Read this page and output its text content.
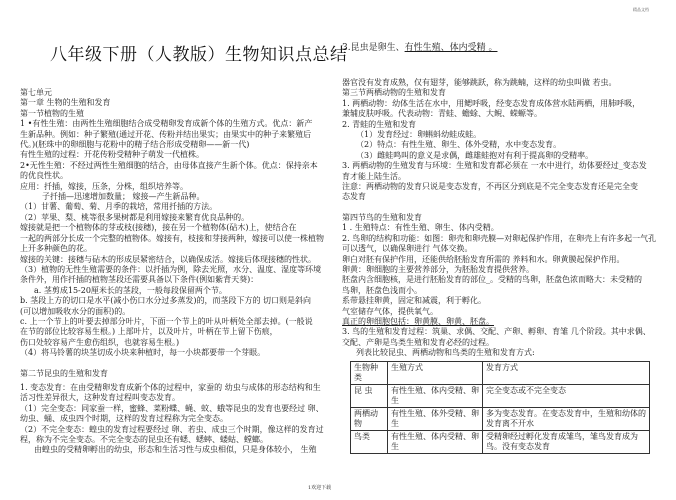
精品文档
八年级下册（人教版）生物知识点总结
3.昆虫是卵生、有性生殖、体内受精 。

第七单元

第一章 生物的生殖和发育

第一节植物的生殖

1 •有性生殖：由两性生殖细胞结合成受精卵发育成新个体的生殖方式。优点：新产

生新品种。例如：种子繁殖(通过开花、传粉并结出果实；由果实中的种子来繁殖后

代。)(胚珠中的卵细胞与花粉中的精子结合形成受精卵——新一代)

有性生殖的过程：开花传粉受精种子萌发一代植株。

2•无性生殖：不经过两性生殖细胞的结合，由母体直接产生新个体。优点：保持亲本

的优良性状。

应用：扦插，嫁接，压条，分株，组织培养等。

子扦插—迅速增加数量； 嫁接—产生新品种。

（1）甘薯、葡萄、菊、月季的栽培，常用扦插的方法。

（2）苹果、梨、桃等很多果树都是利用嫁接来繁育优良品种的。

嫁接就是把一个植物体的芽或枝(接穗)，接在另一个植物体(砧木)上，使结合在

一起的两部分长成一个完整的植物体。嫁接有，枝接和芽接两种，嫁接可以使一株植物

上开多种颜色的花。

嫁接的关键：接穗与砧木的形成层紧密结合，以确保成活。嫁接后体现接穗的性状。

（3）植物的无性生殖需要的条件：以扦插为例，除去光照，水分、温度、湿度等环境

条件外，用作扦插的植物茎段还需要具备以下条件(例如紫背天葵)：

a. 茎剪成15-20厘米长的茎段，一般每段保留两个节。

b. 茎段上方的切口是水平(减小伤口水分过多蒸发)的，而茎段下方的 切口则是斜向

(可以增加吸收水分的面积)的。

c. 上一个节上的叶要去掉部分叶片，下面一个节上的叶从叶柄处全部去掉。(一般说

在节的部位比较容易生根。) 上部叶片，以及叶片，叶柄在节上留下伤痕，

伤口处较容易产生愈伤组织，也就容易生根。)

（4）将马铃薯的块茎切成小块来种植时，每一小块都要带一个芽眼。

第二节昆虫的生殖和发育

1. 变态发育：在由受精卵发育成新个体的过程中，家蚕的 幼虫与成体的形态结构和生

活习性差异很大，这种发育过程叫变态发育。

（1）完全变态：同家蚕一样，蜜蜂、菜粉蝶、蝇、蚊、蛾等昆虫的发育也要经过 卵、

幼虫、蛹、成虫四个时期，这样的发育过程称为完全变态。

（2）不完全变态：蝗虫的发育过程要经过 卵、若虫、成虫三个时期，像这样的发育过

程，称为不完全变态。不完全变态的昆虫还有蟋、蟋蟀、蝼蛄、螳螂。

由蝗虫的受精卵孵出的幼虫，形态和生活习性与成虫相似，只是身体较小， 生殖

器官没有发育成熟，仅有翅芽，能够跳跃，称为跳蝻，这样的幼虫叫做 若虫。

第三节两栖动物的生殖和发育

1. 两栖动物：幼体生活在水中，用鳃呼吸，经变态发育成体营水陆两栖，用肺呼吸，

兼辅皮肤呼吸。代表动物：青蛙、蟾蜍、大鲵、蝾螈等。

2. 青蛙的生殖和发育

（1）发育经过：卵蝌蚪幼蛙成蛙。

（2）特点：有性生殖、卵生、体外受精，水中变态发育。

（3）雌蛙鸣叫的意义是求偶，雌雄蛙抱对有利于提高卵的受精率。

3. 两栖动物的生殖发育与环境：生殖和发育都必须在 一水中进行，幼体要经过_变态发

育才能上陆生活。

注意：两栖动物的发育只说是变态发育，不再区分到底是不完全变态发育还是完全变

态发育

第四节鸟的生殖和发育

1 . 生殖特点：有性生殖、卵生、体内受精。

2. 鸟卵的结构和功能：如图：卵壳和卵壳膜—对卵起保护作用，在卵壳上有许多起一气孔

可以透气，以确保卵进行 气体交换。

卵白对胚有保护作用，还能供给胚胎发育所需的 养料和水。卵黄膜起保护作用。

卵黄：卵细胞的主要营养部分，为胚胎发育提供营养。

胚盘内含细胞核，是进行胚胎发育的部位_。受精的鸟卵，胚盘色浓而略大：未受精的

鸟卵，胚盘色浅而小。

系带悬挂卵黄，固定和减震，利于孵化。

气室储存气体，提供氧气。

真正的卵细胞包括：卵黄膜、卵黄、胚盘。

3. 鸟的生殖和发育过程：筑巢、求偶、交配、产卵、孵卵、育雏 几个阶段。其中求偶、

交配、产卵是鸟类生殖和发育必经的过程。

列表比较昆虫、两栖动物和鸟类的生殖和发育方式:

生物种类	生殖方式	发育方式
昆 虫	有性生殖、体内受精、卵生	完全变态或不完全变态
两栖动物	有性生殖、体外受精、卵生	多为变态发育。在变态发育中，生殖和幼体的发育离不开水
鸟类	有性生殖、体内受精、卵生	受精卵经过孵化发育成雏鸟，雏鸟发育成为鸟。没有变态发育
1欢迎下载
